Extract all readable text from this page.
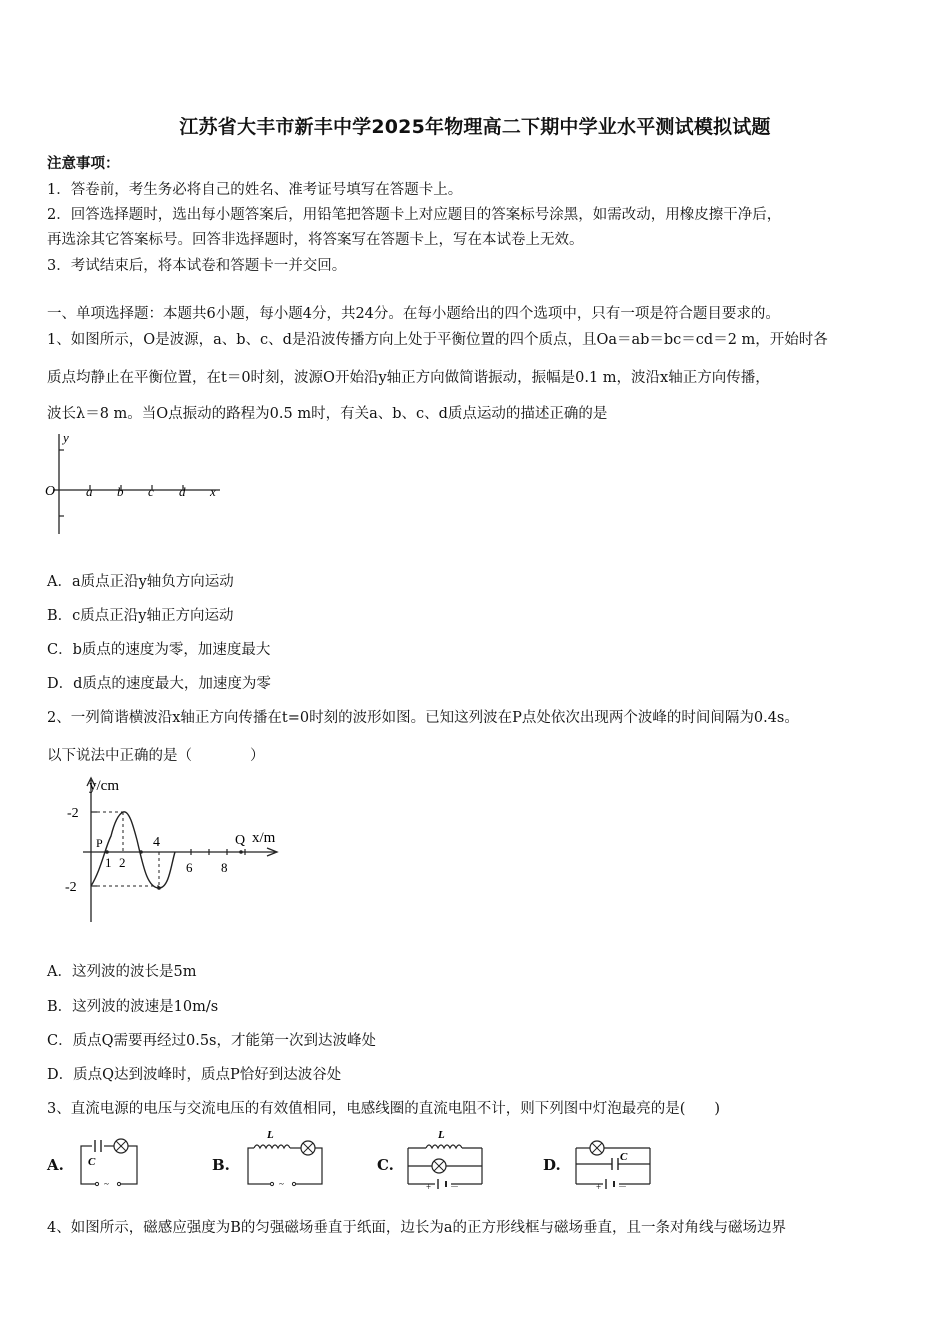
江苏省大丰市新丰中学2025年物理高二下期中学业水平测试模拟试题
注意事项：
1．答卷前，考生务必将自己的姓名、准考证号填写在答题卡上。
2．回答选择题时，选出每小题答案后，用铅笔把答题卡上对应题目的答案标号涂黑，如需改动，用橡皮擦干净后，
再选涂其它答案标号。回答非选择题时，将答案写在答题卡上，写在本试卷上无效。
3．考试结束后，将本试卷和答题卡一并交回。
一、单项选择题：本题共6小题，每小题4分，共24分。在每小题给出的四个选项中，只有一项是符合题目要求的。
1、如图所示，O是波源，a、b、c、d是沿波传播方向上处于平衡位置的四个质点，且Oa＝ab＝bc＝cd＝2 m，开始时各
质点均静止在平衡位置，在t＝0时刻，波源O开始沿y轴正方向做简谐振动，振幅是0.1 m，波沿x轴正方向传播，
波长λ＝8 m。当O点振动的路程为0.5 m时，有关a、b、c、d质点运动的描述正确的是
y
O a b c d x
A．a质点正沿y轴负方向运动
B．c质点正沿y轴正方向运动
C．b质点的速度为零，加速度最大
D．d质点的速度最大，加速度为零
2、一列简谐横波沿x轴正方向传播在t=0时刻的波形如图。已知这列波在P点处依次出现两个波峰的时间间隔为0.4s。
以下说法中正确的是（　　　　）
y/cm
x/m
-2
-2
P
1 2
4
6 8
Q
A．这列波的波长是5m
B．这列波的波速是10m/s
C．质点Q需要再经过0.5s，才能第一次到达波峰处
D．质点Q达到波峰时，质点P恰好到达波谷处
3、直流电源的电压与交流电压的有效值相同，电感线圈的直流电阻不计，则下列图中灯泡最亮的是(　　)
A.
~
C	B.
~
L
C.
L
+ －
D.	C
+ －
4、如图所示，磁感应强度为B的匀强磁场垂直于纸面，边长为a的正方形线框与磁场垂直，且一条对角线与磁场边界
